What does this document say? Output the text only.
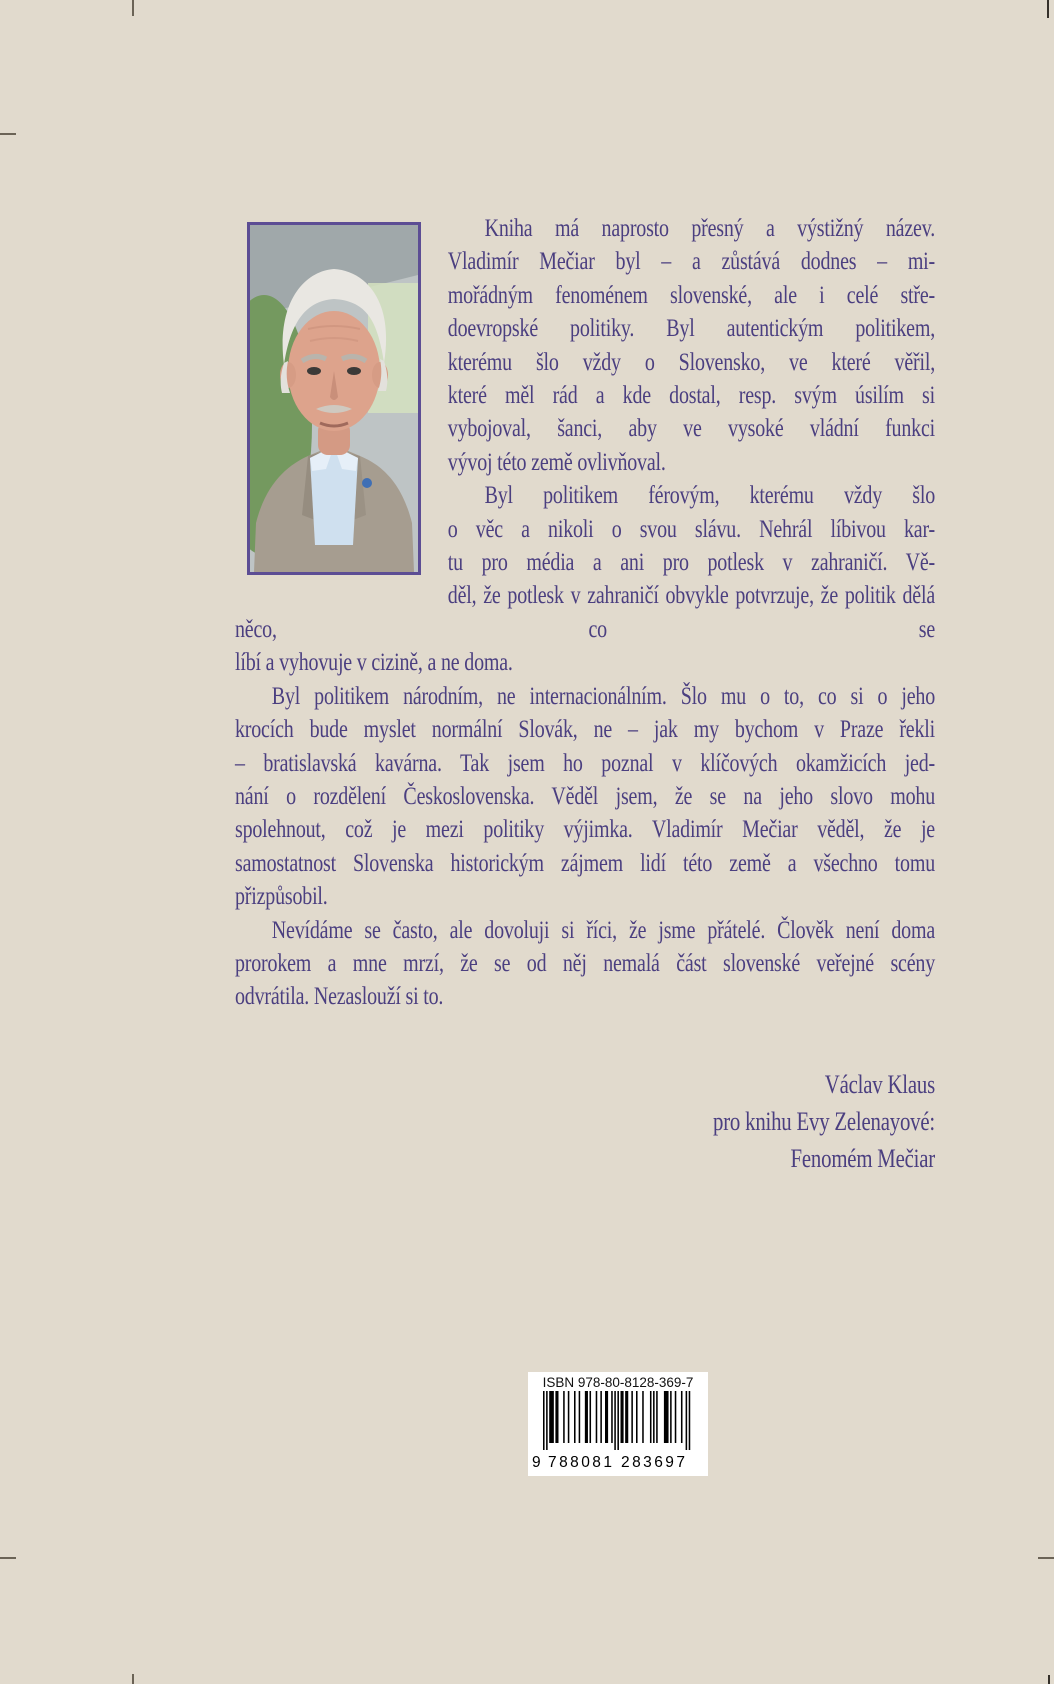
Kniha má naprosto přesný a výstižný název.
Vladimír Mečiar byl – a zůstává dodnes – mi-
mořádným fenoménem slovenské, ale i celé stře-
doevropské politiky. Byl autentickým politikem,
kterému šlo vždy o Slovensko, ve které věřil,
které měl rád a kde dostal, resp. svým úsilím si
vybojoval, šanci, aby ve vysoké vládní funkci
vývoj této země ovlivňoval.
Byl politikem férovým, kterému vždy šlo
o věc a nikoli o svou slávu. Nehrál líbivou kar-
tu pro média a ani pro potlesk v zahraničí. Vě-
děl, že potlesk v zahraničí obvykle potvrzuje, že politik dělá něco, co se
líbí a vyhovuje v cizině, a ne doma.
Byl politikem národním, ne internacionálním. Šlo mu o to, co si o jeho
krocích bude myslet normální Slovák, ne – jak my bychom v Praze řekli
– bratislavská kavárna. Tak jsem ho poznal v klíčových okamžicích jed-
nání o rozdělení Československa. Věděl jsem, že se na jeho slovo mohu
spolehnout, což je mezi politiky výjimka. Vladimír Mečiar věděl, že je
samostatnost Slovenska historickým zájmem lidí této země a všechno tomu
přizpůsobil.
Nevídáme se často, ale dovoluji si říci, že jsme přátelé. Člověk není doma
prorokem a mne mrzí, že se od něj nemalá část slovenské veřejné scény
odvrátila. Nezaslouží si to.
Václav Klaus
pro knihu Evy Zelenayové:
Fenomém Mečiar
ISBN 978-80-8128-369-7
9 788081 283697
